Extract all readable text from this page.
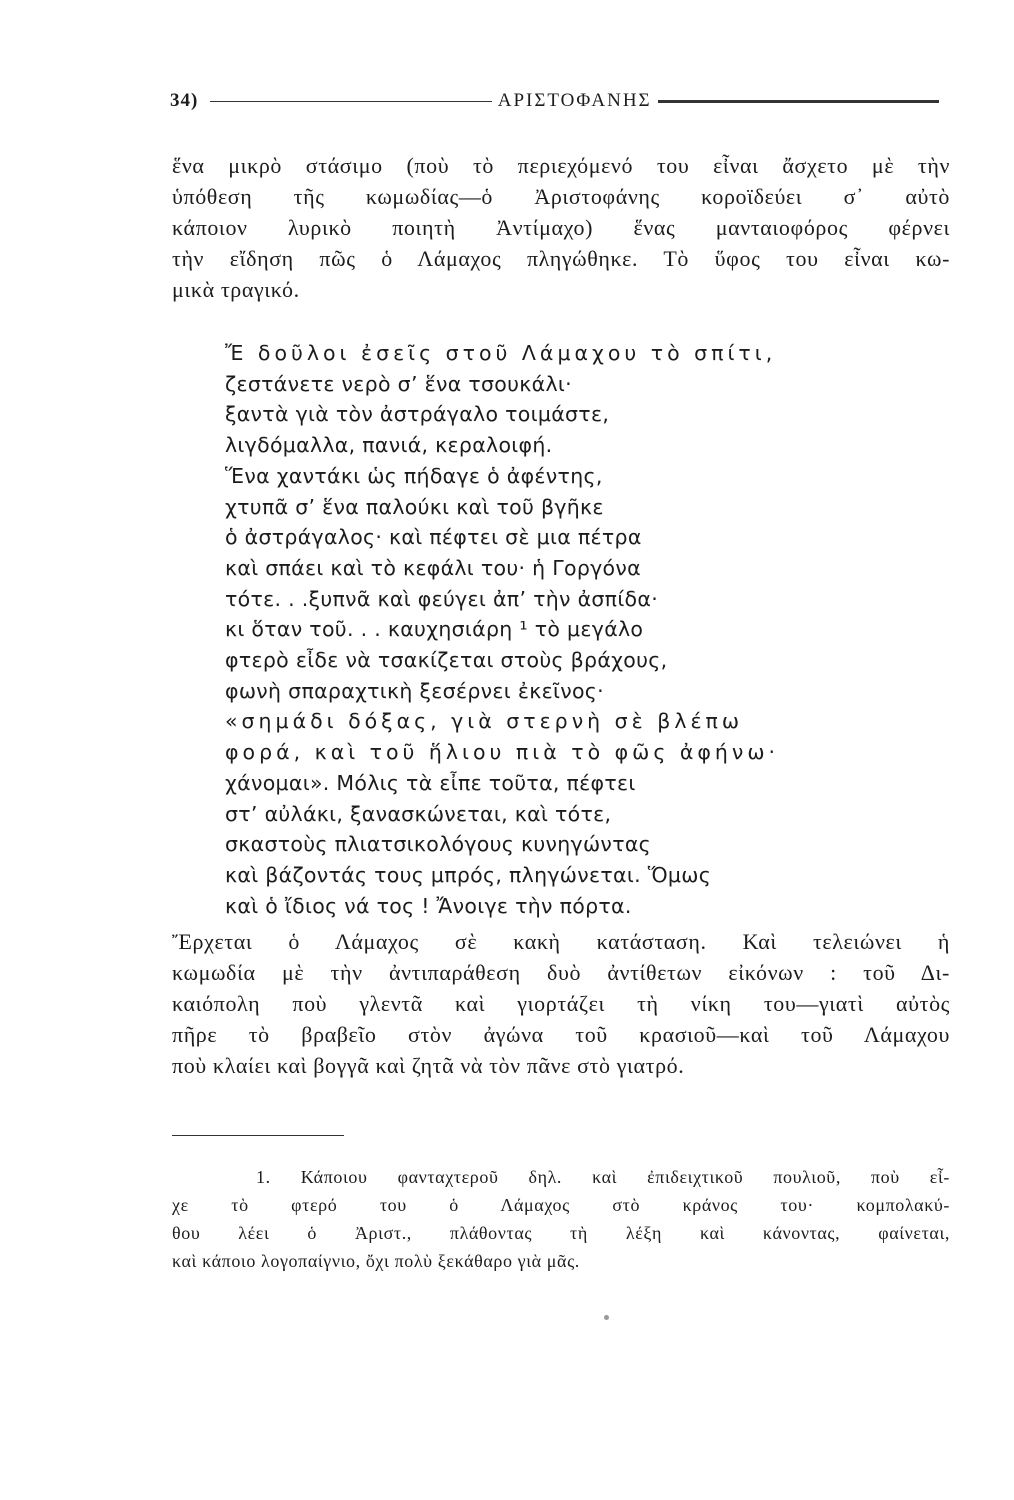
34)	ΑΡΙΣΤΟΦΑΝΗΣ
ἕνα μικρὸ στάσιμο (ποὺ τὸ περιεχόμενό του εἶναι ἄσχετο μὲ τὴν
ὑπόθεση τῆς κωμωδίας—ὁ Ἀριστοφάνης κοροϊδεύει σ᾿ αὐτὸ
κάποιον λυρικὸ ποιητὴ Ἀντίμαχο) ἕνας μανταιοφόρος φέρνει
τὴν εἴδηση πῶς ὁ Λάμαχος πληγώθηκε. Τὸ ὕφος του εἶναι κω-
μικὰ τραγικό.
Ἔ δοῦλοι ἐσεῖς στοῦ Λάμαχου τὸ σπίτι,
ζεστάνετε νερὸ σ’ ἕνα τσουκάλι·
ξαντὰ γιὰ τὸν ἀστράγαλο τοιμάστε,
λιγδόμαλλα, πανιά, κεραλοιφή.
Ἕνα χαντάκι ὡς πήδαγε ὁ ἀφέντης,
χτυπᾶ σ’ ἕνα παλούκι καὶ τοῦ βγῆκε
ὁ ἀστράγαλος· καὶ πέφτει σὲ μια πέτρα
καὶ σπάει καὶ τὸ κεφάλι του· ἡ Γοργόνα
τότε. . .ξυπνᾶ καὶ φεύγει ἀπ’ τὴν ἀσπίδα·
κι ὅταν τοῦ. . . καυχησιάρη ¹ τὸ μεγάλο
φτερὸ εἶδε νὰ τσακίζεται στοὺς βράχους,
φωνὴ σπαραχτικὴ ξεσέρνει ἐκεῖνος·
«σημάδι δόξας, γιὰ στερνὴ σὲ βλέπω
φορά, καὶ τοῦ ἥλιου πιὰ τὸ φῶς ἀφήνω·
χάνομαι». Μόλις τὰ εἶπε τοῦτα, πέφτει
στ’ αὐλάκι, ξανασκώνεται, καὶ τότε,
σκαστοὺς πλιατσικολόγους κυνηγώντας
καὶ βάζοντάς τους μπρός, πληγώνεται. Ὅμως
καὶ ὁ ἴδιος νά τος ! Ἄνοιγε τὴν πόρτα.
Ἔρχεται ὁ Λάμαχος σὲ κακὴ κατάσταση. Καὶ τελειώνει ἡ
κωμωδία μὲ τὴν ἀντιπαράθεση δυὸ ἀντίθετων εἰκόνων : τοῦ Δι-
καιόπολη ποὺ γλεντᾶ καὶ γιορτάζει τὴ νίκη του—γιατὶ αὐτὸς
πῆρε τὸ βραβεῖο στὸν ἀγώνα τοῦ κρασιοῦ—καὶ τοῦ Λάμαχου
ποὺ κλαίει καὶ βογγᾶ καὶ ζητᾶ νὰ τὸν πᾶνε στὸ γιατρό.
1. Κάποιου φανταχτεροῦ δηλ. καὶ ἐπιδειχτικοῦ πουλιοῦ, ποὺ εἶ-
χε τὸ φτερό του ὁ Λάμαχος στὸ κράνος του· κομπολακύ-
θου λέει ὁ Ἀριστ., πλάθοντας τὴ λέξη καὶ κάνοντας, φαίνεται,
καὶ κάποιο λογοπαίγνιο, ὄχι πολὺ ξεκάθαρο γιὰ μᾶς.
